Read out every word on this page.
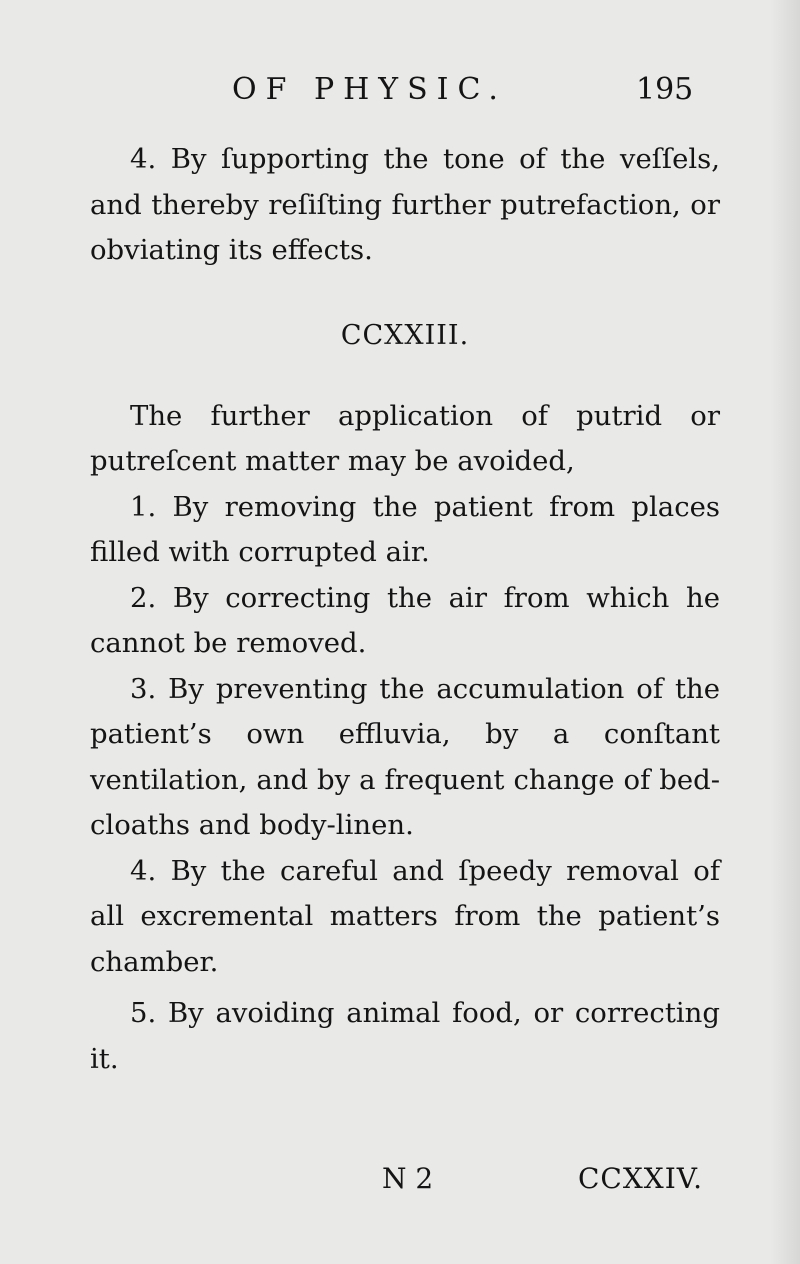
OF PHYSIC.	195

4. By ſupporting the tone of the veſſels, and thereby reſiſting further putrefaction, or obviating its effects.

CCXXIII.

The further application of putrid or putreſcent matter may be avoided,

1. By removing the patient from places filled with corrupted air.

2. By correcting the air from which he cannot be removed.

3. By preventing the accumulation of the patient’s own effluvia, by a conſtant ventilation, and by a frequent change of bed-cloaths and body-linen.

4. By the careful and ſpeedy removal of all excremental matters from the patient’s chamber.

5. By avoiding animal food, or correcting it.

N 2	CCXXIV.
